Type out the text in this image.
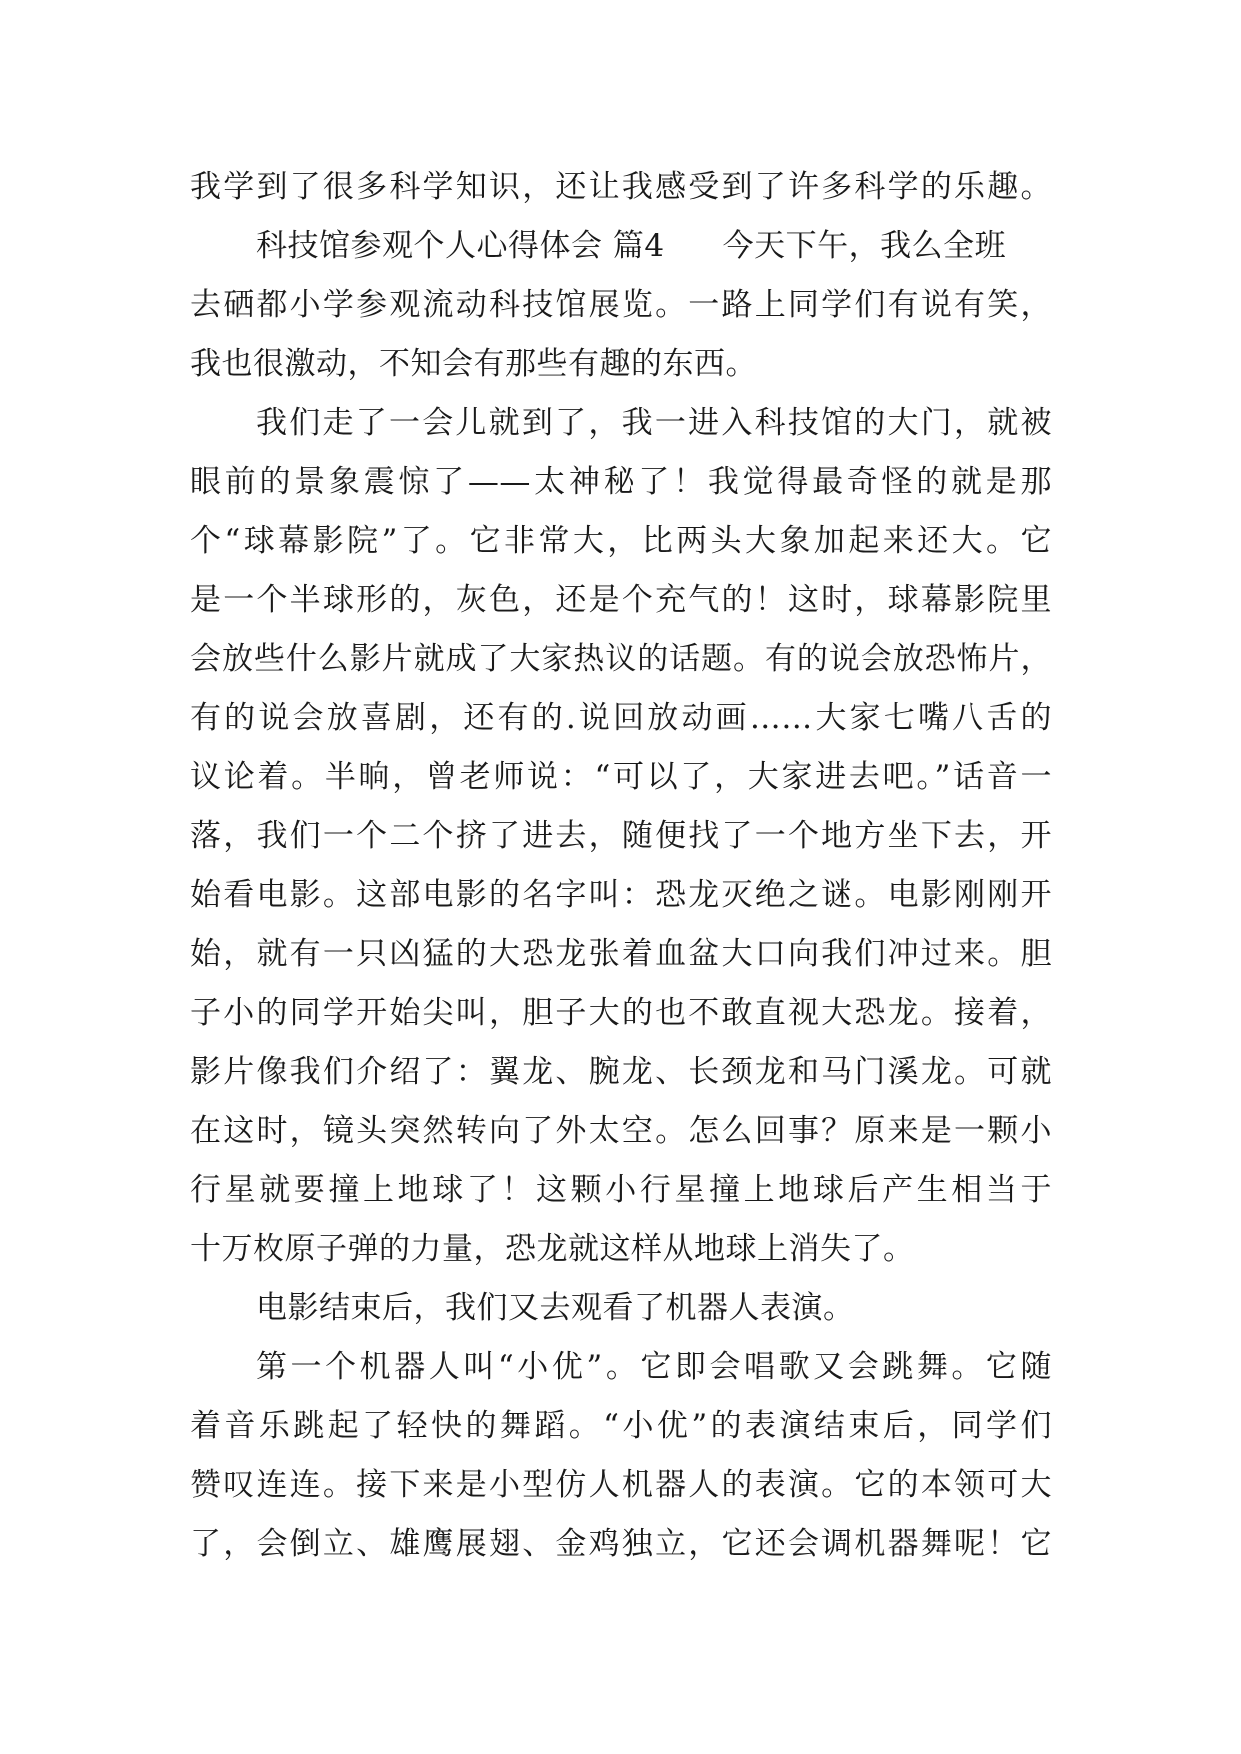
我学到了很多科学知识，还让我感受到了许多科学的乐趣。
科技馆参观个人心得体会 篇4 今天下午，我么全班
去硒都小学参观流动科技馆展览。一路上同学们有说有笑，
我也很激动，不知会有那些有趣的东西。
我们走了一会儿就到了，我一进入科技馆的大门，就被
眼前的景象震惊了——太神秘了！我觉得最奇怪的就是那
个“球幕影院”了。它非常大，比两头大象加起来还大。它
是一个半球形的，灰色，还是个充气的！这时，球幕影院里
会放些什么影片就成了大家热议的话题。有的说会放恐怖片，
有的说会放喜剧，还有的.说回放动画……大家七嘴八舌的
议论着。半晌，曾老师说：“可以了，大家进去吧。”话音一
落，我们一个二个挤了进去，随便找了一个地方坐下去，开
始看电影。这部电影的名字叫：恐龙灭绝之谜。电影刚刚开
始，就有一只凶猛的大恐龙张着血盆大口向我们冲过来。胆
子小的同学开始尖叫，胆子大的也不敢直视大恐龙。接着，
影片像我们介绍了：翼龙、腕龙、长颈龙和马门溪龙。可就
在这时，镜头突然转向了外太空。怎么回事？原来是一颗小
行星就要撞上地球了！这颗小行星撞上地球后产生相当于
十万枚原子弹的力量，恐龙就这样从地球上消失了。
电影结束后，我们又去观看了机器人表演。
第一个机器人叫“小优”。它即会唱歌又会跳舞。它随
着音乐跳起了轻快的舞蹈。“小优”的表演结束后，同学们
赞叹连连。接下来是小型仿人机器人的表演。它的本领可大
了，会倒立、雄鹰展翅、金鸡独立，它还会调机器舞呢！它
